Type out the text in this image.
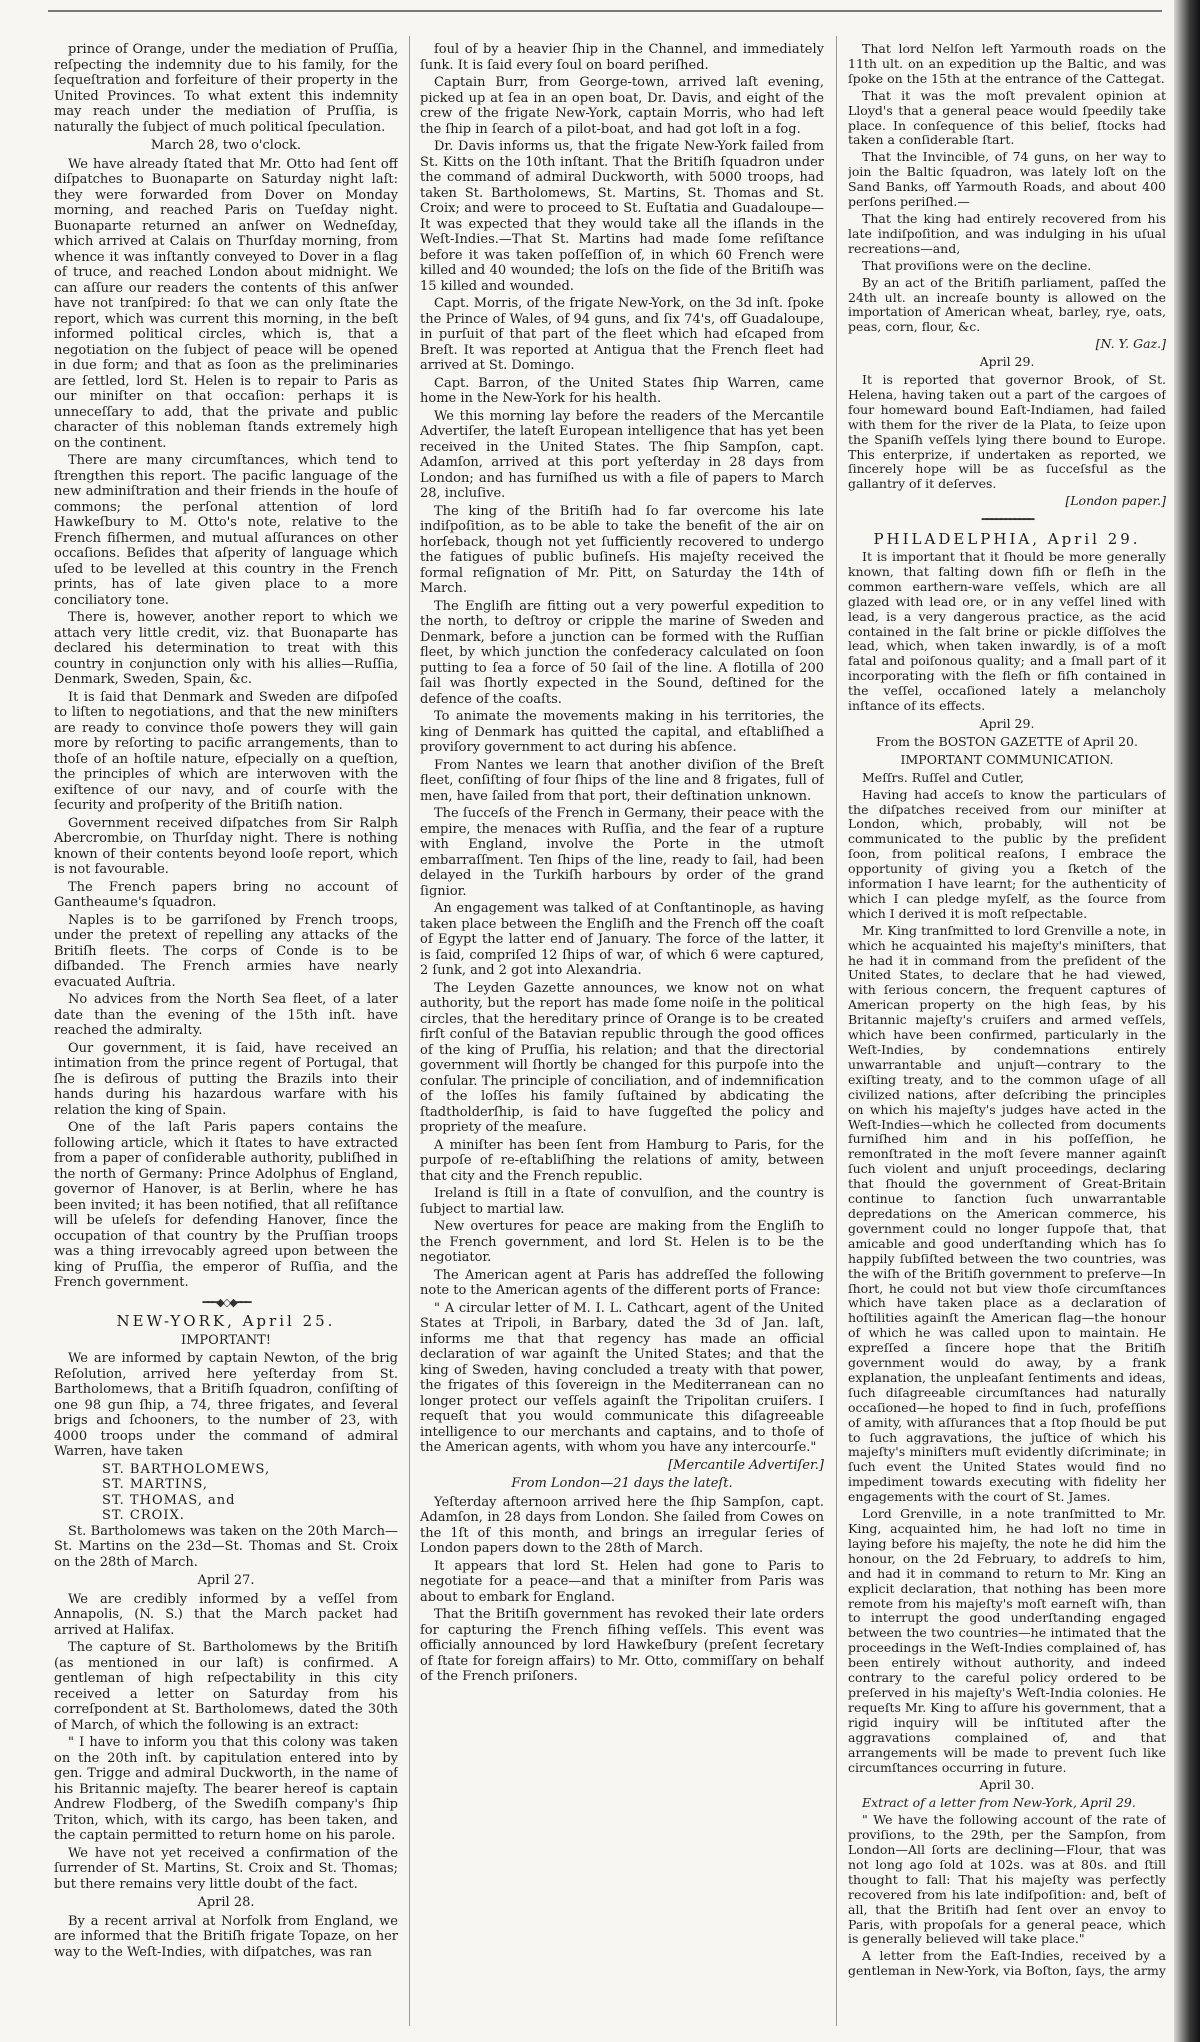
prince of Orange, under the mediation of Pruſſia, reſpecting the indemnity due to his family, for the ſequeſtration and forfeiture of their property in the United Provinces. To what extent this indemnity may reach under the mediation of Pruſſia, is naturally the ſubject of much political ſpeculation.

March 28, two o'clock.

We have already ſtated that Mr. Otto had ſent off diſpatches to Buonaparte on Saturday night laſt: they were forwarded from Dover on Monday morning, and reached Paris on Tueſday night. Buonaparte returned an anſwer on Wedneſday, which arrived at Calais on Thurſday morning, from whence it was inſtantly conveyed to Dover in a flag of truce, and reached London about midnight. We can aſſure our readers the contents of this anſwer have not tranſpired: ſo that we can only ſtate the report, which was current this morning, in the beſt informed political circles, which is, that a negotiation on the ſubject of peace will be opened in due form; and that as ſoon as the preliminaries are ſettled, lord St. Helen is to repair to Paris as our miniſter on that occaſion: perhaps it is unneceſſary to add, that the private and public character of this nobleman ſtands extremely high on the continent.

There are many circumſtances, which tend to ſtrengthen this report. The pacific language of the new adminiſtration and their friends in the houſe of commons; the perſonal attention of lord Hawkeſbury to M. Otto's note, relative to the French fiſhermen, and mutual aſſurances on other occaſions. Beſides that aſperity of language which uſed to be levelled at this country in the French prints, has of late given place to a more conciliatory tone.

There is, however, another report to which we attach very little credit, viz. that Buonaparte has declared his determination to treat with this country in conjunction only with his allies—Ruſſia, Denmark, Sweden, Spain, &c.

It is ſaid that Denmark and Sweden are diſpoſed to liſten to negotiations, and that the new miniſters are ready to convince thoſe powers they will gain more by reſorting to pacific arrangements, than to thoſe of an hoſtile nature, eſpecially on a queſtion, the principles of which are interwoven with the exiſtence of our navy, and of courſe with the ſecurity and proſperity of the Britiſh nation.

Government received diſpatches from Sir Ralph Abercrombie, on Thurſday night. There is nothing known of their contents beyond looſe report, which is not favourable.

The French papers bring no account of Gantheaume's ſquadron.

Naples is to be garriſoned by French troops, under the pretext of repelling any attacks of the Britiſh fleets. The corps of Conde is to be diſbanded. The French armies have nearly evacuated Auſtria.

No advices from the North Sea fleet, of a later date than the evening of the 15th inſt. have reached the admiralty.

Our government, it is ſaid, have received an intimation from the prince regent of Portugal, that ſhe is deſirous of putting the Brazils into their hands during his hazardous warfare with his relation the king of Spain.

One of the laſt Paris papers contains the following article, which it ſtates to have extracted from a paper of conſiderable authority, publiſhed in the north of Germany: Prince Adolphus of England, governor of Hanover, is at Berlin, where he has been invited; it has been notified, that all reſiſtance will be uſeleſs for defending Hanover, ſince the occupation of that country by the Pruſſian troops was a thing irrevocably agreed upon between the king of Pruſſia, the emperor of Ruſſia, and the French government.

━━━◆◇◆━━━

NEW-YORK, April 25.

IMPORTANT!

We are informed by captain Newton, of the brig Reſolution, arrived here yeſterday from St. Bartholomews, that a Britiſh ſquadron, conſiſting of one 98 gun ſhip, a 74, three frigates, and ſeveral brigs and ſchooners, to the number of 23, with 4000 troops under the command of admiral Warren, have taken

ST. BARTHOLOMEWS,

ST. MARTINS,

ST. THOMAS, and

ST. CROIX.

St. Bartholomews was taken on the 20th March—St. Martins on the 23d—St. Thomas and St. Croix on the 28th of March.

April 27.

We are credibly informed by a veſſel from Annapolis, (N. S.) that the March packet had arrived at Halifax.

The capture of St. Bartholomews by the Britiſh (as mentioned in our laſt) is confirmed. A gentleman of high reſpectability in this city received a letter on Saturday from his correſpondent at St. Bartholomews, dated the 30th of March, of which the following is an extract:

" I have to inform you that this colony was taken on the 20th inſt. by capitulation entered into by gen. Trigge and admiral Duckworth, in the name of his Britannic majeſty. The bearer hereof is captain Andrew Flodberg, of the Swediſh company's ſhip Triton, which, with its cargo, has been taken, and the captain permitted to return home on his parole.

We have not yet received a confirmation of the ſurrender of St. Martins, St. Croix and St. Thomas; but there remains very little doubt of the fact.

April 28.

By a recent arrival at Norfolk from England, we are informed that the Britiſh frigate Topaze, on her way to the Weſt-Indies, with diſpatches, was ran

foul of by a heavier ſhip in the Channel, and immediately ſunk. It is ſaid every ſoul on board periſhed.

Captain Burr, from George-town, arrived laſt evening, picked up at ſea in an open boat, Dr. Davis, and eight of the crew of the frigate New-York, captain Morris, who had left the ſhip in ſearch of a pilot-boat, and had got loſt in a fog.

Dr. Davis informs us, that the frigate New-York failed from St. Kitts on the 10th inſtant. That the Britiſh ſquadron under the command of admiral Duckworth, with 5000 troops, had taken St. Bartholomews, St. Martins, St. Thomas and St. Croix; and were to proceed to St. Euſtatia and Guadaloupe—It was expected that they would take all the iſlands in the Weſt-Indies.—That St. Martins had made ſome reſiſtance before it was taken poſſeſſion of, in which 60 French were killed and 40 wounded; the loſs on the ſide of the Britiſh was 15 killed and wounded.

Capt. Morris, of the frigate New-York, on the 3d inſt. ſpoke the Prince of Wales, of 94 guns, and ſix 74's, off Guadaloupe, in purſuit of that part of the fleet which had eſcaped from Breſt. It was reported at Antigua that the French fleet had arrived at St. Domingo.

Capt. Barron, of the United States ſhip Warren, came home in the New-York for his health.

We this morning lay before the readers of the Mercantile Advertiſer, the lateſt European intelligence that has yet been received in the United States. The ſhip Sampſon, capt. Adamſon, arrived at this port yeſterday in 28 days from London; and has furniſhed us with a file of papers to March 28, incluſive.

The king of the Britiſh had ſo far overcome his late indiſpoſition, as to be able to take the benefit of the air on horſeback, though not yet ſufficiently recovered to undergo the fatigues of public buſineſs. His majeſty received the formal reſignation of Mr. Pitt, on Saturday the 14th of March.

The Engliſh are fitting out a very powerful expedition to the north, to deſtroy or cripple the marine of Sweden and Denmark, before a junction can be formed with the Ruſſian fleet, by which junction the confederacy calculated on ſoon putting to ſea a force of 50 ſail of the line. A flotilla of 200 ſail was ſhortly expected in the Sound, deſtined for the defence of the coaſts.

To animate the movements making in his territories, the king of Denmark has quitted the capital, and eſtabliſhed a proviſory government to act during his abſence.

From Nantes we learn that another diviſion of the Breſt fleet, conſiſting of four ſhips of the line and 8 frigates, full of men, have ſailed from that port, their deſtination unknown.

The ſucceſs of the French in Germany, their peace with the empire, the menaces with Ruſſia, and the fear of a rupture with England, involve the Porte in the utmoſt embarraſſment. Ten ſhips of the line, ready to ſail, had been delayed in the Turkiſh harbours by order of the grand ſignior.

An engagement was talked of at Conſtantinople, as having taken place between the Engliſh and the French off the coaſt of Egypt the latter end of January. The force of the latter, it is ſaid, compriſed 12 ſhips of war, of which 6 were captured, 2 ſunk, and 2 got into Alexandria.

The Leyden Gazette announces, we know not on what authority, but the report has made ſome noiſe in the political circles, that the hereditary prince of Orange is to be created firſt conſul of the Batavian republic through the good offices of the king of Pruſſia, his relation; and that the directorial government will ſhortly be changed for this purpoſe into the conſular. The principle of conciliation, and of indemnification of the loſſes his family ſuſtained by abdicating the ſtadtholderſhip, is ſaid to have ſuggeſted the policy and propriety of the meaſure.

A miniſter has been ſent from Hamburg to Paris, for the purpoſe of re-eſtabliſhing the relations of amity, between that city and the French republic.

Ireland is ſtill in a ſtate of convulſion, and the country is ſubject to martial law.

New overtures for peace are making from the Engliſh to the French government, and lord St. Helen is to be the negotiator.

The American agent at Paris has addreſſed the following note to the American agents of the different ports of France:

" A circular letter of M. I. L. Cathcart, agent of the United States at Tripoli, in Barbary, dated the 3d of Jan. laſt, informs me that that regency has made an official declaration of war againſt the United States; and that the king of Sweden, having concluded a treaty with that power, the frigates of this ſovereign in the Mediterranean can no longer protect our veſſels againſt the Tripolitan cruiſers. I requeſt that you would communicate this diſagreeable intelligence to our merchants and captains, and to thoſe of the American agents, with whom you have any intercourſe."

[Mercantile Advertiſer.]

From London—21 days the lateſt.

Yeſterday afternoon arrived here the ſhip Sampſon, capt. Adamſon, in 28 days from London. She ſailed from Cowes on the 1ſt of this month, and brings an irregular ſeries of London papers down to the 28th of March.

It appears that lord St. Helen had gone to Paris to negotiate for a peace—and that a miniſter from Paris was about to embark for England.

That the Britiſh government has revoked their late orders for capturing the French fiſhing veſſels. This event was officially announced by lord Hawkeſbury (preſent ſecretary of ſtate for foreign affairs) to Mr. Otto, commiſſary on behalf of the French priſoners.

That lord Nelſon left Yarmouth roads on the 11th ult. on an expedition up the Baltic, and was ſpoke on the 15th at the entrance of the Cattegat.

That it was the moſt prevalent opinion at Lloyd's that a general peace would ſpeedily take place. In conſequence of this belief, ſtocks had taken a conſiderable ſtart.

That the Invincible, of 74 guns, on her way to join the Baltic ſquadron, was lately loſt on the Sand Banks, off Yarmouth Roads, and about 400 perſons periſhed.—

That the king had entirely recovered from his late indiſpoſition, and was indulging in his uſual recreations—and,

That proviſions were on the decline.

By an act of the Britiſh parliament, paſſed the 24th ult. an increaſe bounty is allowed on the importation of American wheat, barley, rye, oats, peas, corn, flour, &c.

[N. Y. Gaz.]

April 29.

It is reported that governor Brook, of St. Helena, having taken out a part of the cargoes of four homeward bound Eaſt-Indiamen, had failed with them for the river de la Plata, to ſeize upon the Spaniſh veſſels lying there bound to Europe. This enterprize, if undertaken as reported, we ſincerely hope will be as ſucceſsful as the gallantry of it deſerves.

[London paper.]

━━━━━━━━━━━

PHILADELPHIA, April 29.

It is important that it ſhould be more generally known, that falting down fiſh or fleſh in the common earthern-ware veſſels, which are all glazed with lead ore, or in any veſſel lined with lead, is a very dangerous practice, as the acid contained in the ſalt brine or pickle diſſolves the lead, which, when taken inwardly, is of a moſt fatal and poiſonous quality; and a ſmall part of it incorporating with the fleſh or fiſh contained in the veſſel, occaſioned lately a melancholy inſtance of its effects.

April 29.

From the BOSTON GAZETTE of April 20.

IMPORTANT COMMUNICATION.

Meſſrs. Ruſſel and Cutler,

Having had acceſs to know the particulars of the diſpatches received from our miniſter at London, which, probably, will not be communicated to the public by the preſident ſoon, from political reaſons, I embrace the opportunity of giving you a ſketch of the information I have learnt; for the authenticity of which I can pledge myſelf, as the ſource from which I derived it is moſt reſpectable.

Mr. King tranſmitted to lord Grenville a note, in which he acquainted his majeſty's miniſters, that he had it in command from the preſident of the United States, to declare that he had viewed, with ſerious concern, the frequent captures of American property on the high ſeas, by his Britannic majeſty's cruiſers and armed veſſels, which have been confirmed, particularly in the Weſt-Indies, by condemnations entirely unwarrantable and unjuſt—contrary to the exiſting treaty, and to the common uſage of all civilized nations, after deſcribing the principles on which his majeſty's judges have acted in the Weſt-Indies—which he collected from documents furniſhed him and in his poſſeſſion, he remonſtrated in the moſt ſevere manner againſt ſuch violent and unjuſt proceedings, declaring that ſhould the government of Great-Britain continue to ſanction ſuch unwarrantable depredations on the American commerce, his government could no longer ſuppoſe that, that amicable and good underſtanding which has ſo happily ſubſiſted between the two countries, was the wiſh of the Britiſh government to preſerve—In ſhort, he could not but view thoſe circumſtances which have taken place as a declaration of hoſtilities againſt the American flag—the honour of which he was called upon to maintain. He expreſſed a ſincere hope that the Britiſh government would do away, by a frank explanation, the unpleaſant ſentiments and ideas, ſuch diſagreeable circumſtances had naturally occaſioned—he hoped to find in ſuch, profeſſions of amity, with aſſurances that a ſtop ſhould be put to ſuch aggravations, the juſtice of which his majeſty's miniſters muſt evidently diſcriminate; in ſuch event the United States would find no impediment towards executing with fidelity her engagements with the court of St. James.

Lord Grenville, in a note tranſmitted to Mr. King, acquainted him, he had loſt no time in laying before his majeſty, the note he did him the honour, on the 2d February, to addreſs to him, and had it in command to return to Mr. King an explicit declaration, that nothing has been more remote from his majeſty's moſt earneſt wiſh, than to interrupt the good underſtanding engaged between the two countries—he intimated that the proceedings in the Weſt-Indies complained of, has been entirely without authority, and indeed contrary to the careful policy ordered to be preſerved in his majeſty's Weſt-India colonies. He requeſts Mr. King to aſſure his government, that a rigid inquiry will be inſtituted after the aggravations complained of, and that arrangements will be made to prevent ſuch like circumſtances occurring in future.

April 30.

Extract of a letter from New-York, April 29.

" We have the following account of the rate of proviſions, to the 29th, per the Sampſon, from London—All ſorts are declining—Flour, that was not long ago ſold at 102s. was at 80s. and ſtill thought to fall: That his majeſty was perfectly recovered from his late indiſpoſition: and, beſt of all, that the Britiſh had ſent over an envoy to Paris, with propoſals for a general peace, which is generally believed will take place."

A letter from the Eaſt-Indies, received by a gentleman in New-York, via Boſton, ſays, the army
